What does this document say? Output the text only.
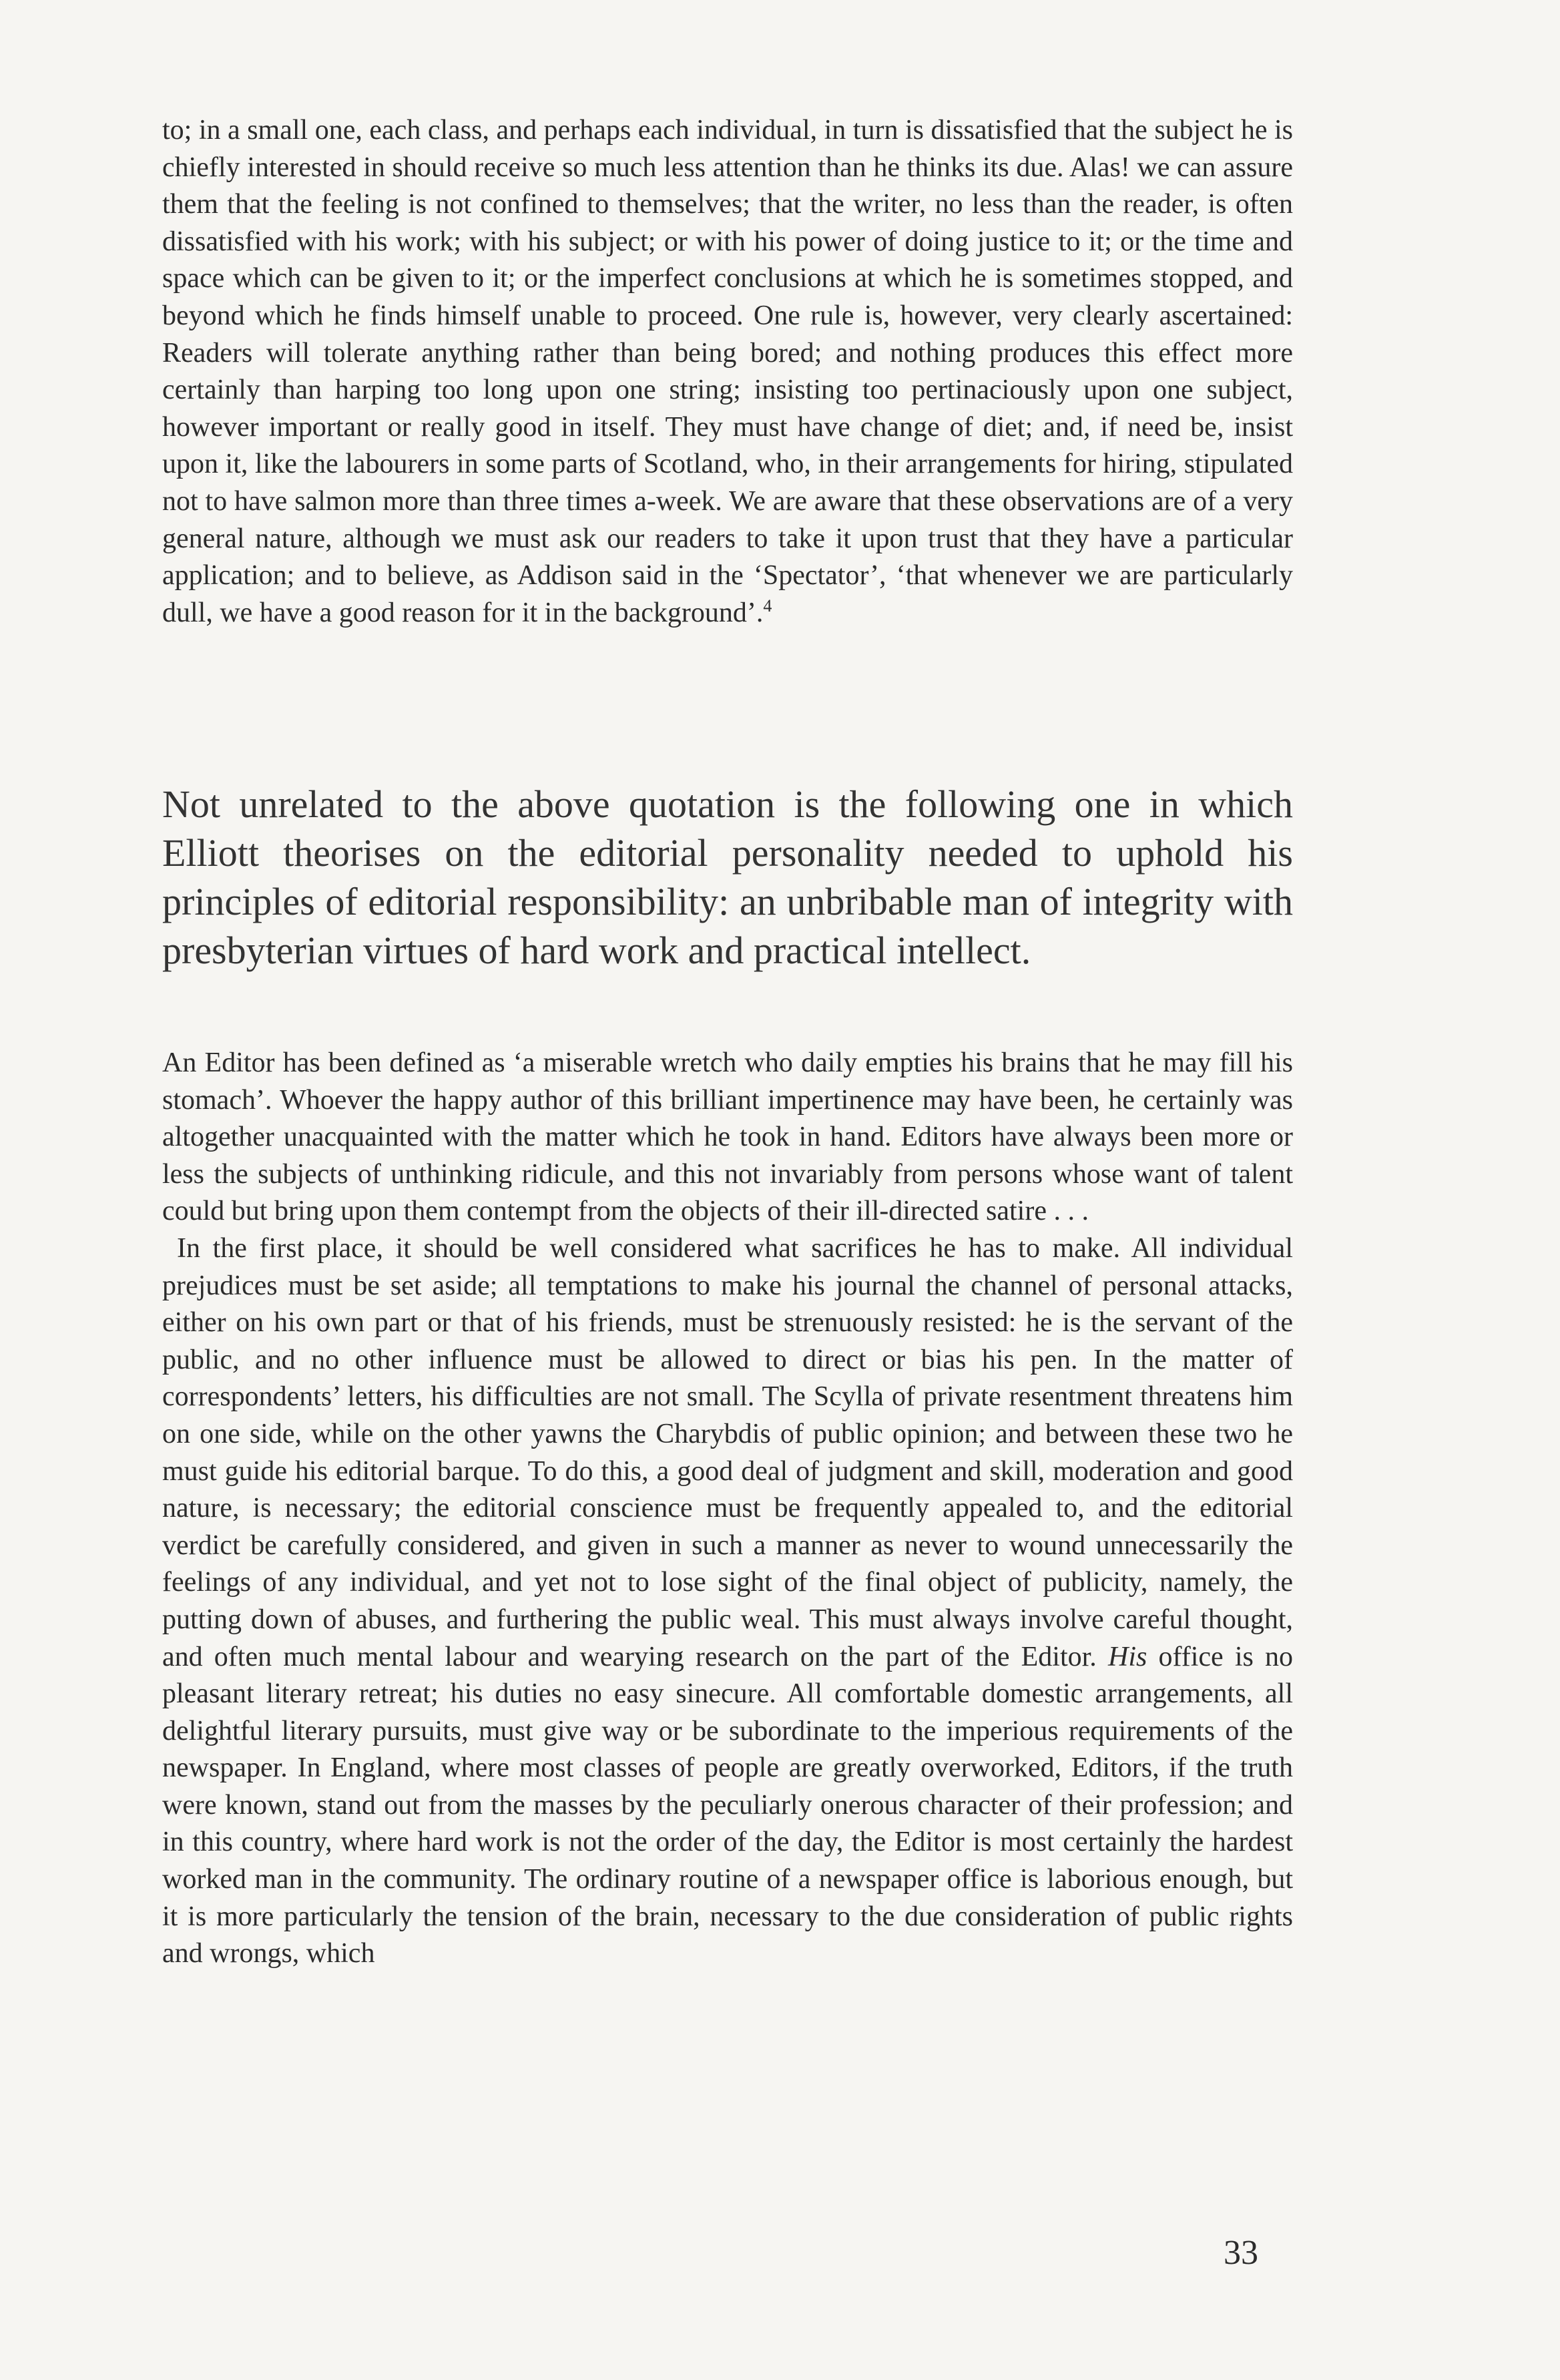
to; in a small one, each class, and perhaps each individual, in turn is dissatisfied that the subject he is chiefly interested in should receive so much less attention than he thinks its due. Alas! we can assure them that the feeling is not confined to themselves; that the writer, no less than the reader, is often dissatisfied with his work; with his subject; or with his power of doing justice to it; or the time and space which can be given to it; or the imperfect conclusions at which he is sometimes stopped, and beyond which he finds himself unable to proceed. One rule is, however, very clearly ascertained: Readers will tolerate anything rather than being bored; and nothing produces this effect more certainly than harping too long upon one string; insisting too pertinaciously upon one subject, however important or really good in itself. They must have change of diet; and, if need be, insist upon it, like the labourers in some parts of Scotland, who, in their arrangements for hiring, stipulated not to have salmon more than three times a-week. We are aware that these observations are of a very general nature, although we must ask our readers to take it upon trust that they have a particular application; and to believe, as Addison said in the ‘Spectator’, ‘that whenever we are particularly dull, we have a good reason for it in the background’.$^4$

Not unrelated to the above quotation is the following one in which Elliott theorises on the editorial personality needed to uphold his principles of editorial responsibility: an unbribable man of integrity with presbyterian virtues of hard work and practical intellect.

An Editor has been defined as ‘a miserable wretch who daily empties his brains that he may fill his stomach’. Whoever the happy author of this brilliant impertinence may have been, he certainly was altogether unacquainted with the matter which he took in hand. Editors have always been more or less the subjects of unthinking ridicule, and this not invariably from persons whose want of talent could but bring upon them contempt from the objects of their ill-directed satire . . .

In the first place, it should be well considered what sacrifices he has to make. All individual prejudices must be set aside; all temptations to make his journal the channel of personal attacks, either on his own part or that of his friends, must be strenuously resisted: he is the servant of the public, and no other influence must be allowed to direct or bias his pen. In the matter of correspondents’ letters, his difficulties are not small. The Scylla of private resentment threatens him on one side, while on the other yawns the Charybdis of public opinion; and between these two he must guide his editorial barque. To do this, a good deal of judgment and skill, moderation and good nature, is necessary; the editorial conscience must be frequently appealed to, and the editorial verdict be carefully considered, and given in such a manner as never to wound unnecessarily the feelings of any individual, and yet not to lose sight of the final object of publicity, namely, the putting down of abuses, and furthering the public weal. This must always involve careful thought, and often much mental labour and wearying research on the part of the Editor. His office is no pleasant literary retreat; his duties no easy sinecure. All comfortable domestic arrangements, all delightful literary pursuits, must give way or be subordinate to the imperious requirements of the newspaper. In England, where most classes of people are greatly overworked, Editors, if the truth were known, stand out from the masses by the peculiarly onerous character of their profession; and in this country, where hard work is not the order of the day, the Editor is most certainly the hardest worked man in the community. The ordinary routine of a newspaper office is laborious enough, but it is more particularly the tension of the brain, necessary to the due consideration of public rights and wrongs, which

33
